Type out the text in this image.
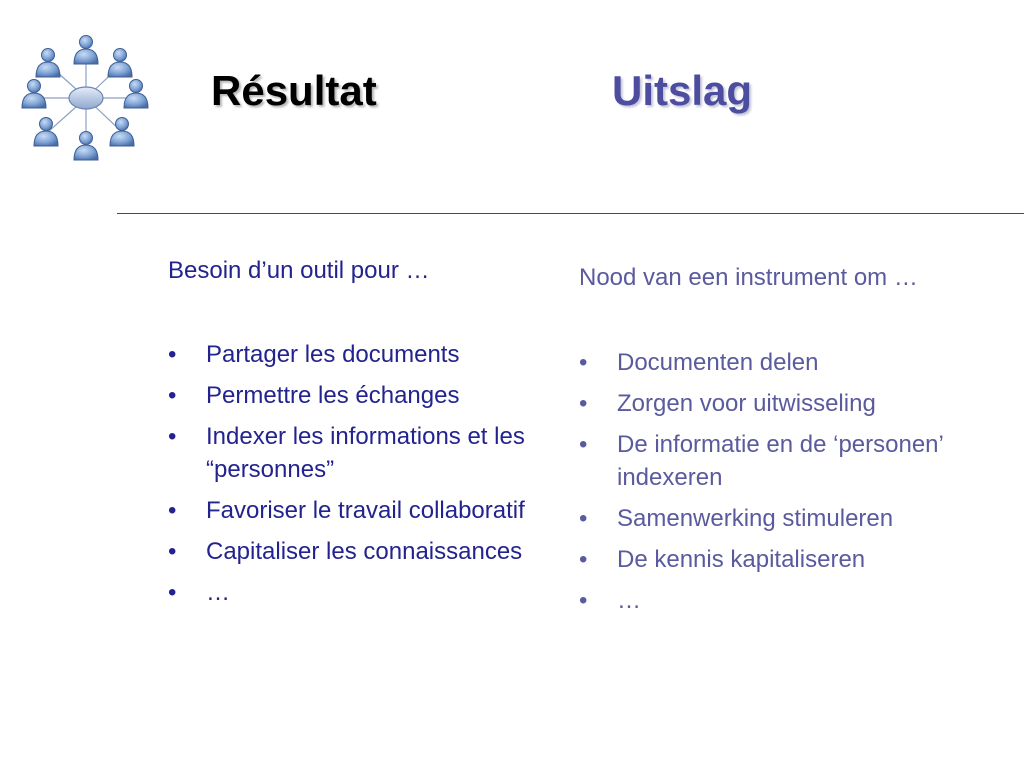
Résultat	Uitslag

Besoin d’un outil pour …

• Partager les documents
• Permettre les échanges
• Indexer les informations et les “personnes”
• Favoriser le travail collaboratif
• Capitaliser les connaissances
• …

Nood van een instrument om …

• Documenten delen
• Zorgen voor uitwisseling
• De informatie en de ‘personen’ indexeren
• Samenwerking stimuleren
• De kennis kapitaliseren
• …
